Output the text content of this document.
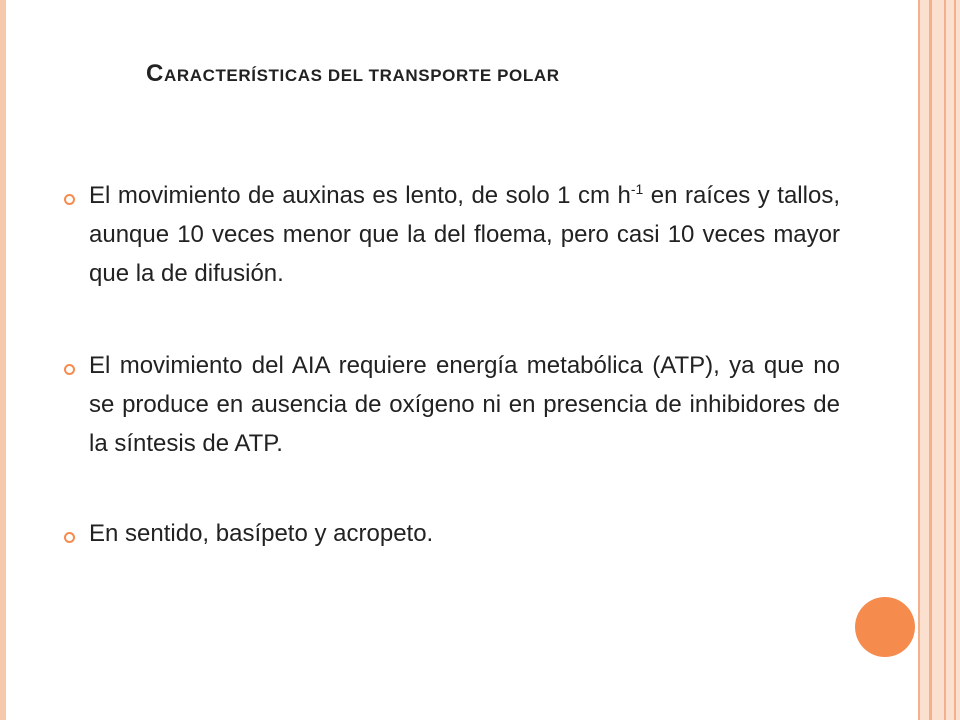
CARACTERÍSTICAS DEL TRANSPORTE POLAR
El movimiento de auxinas es lento, de solo 1 cm $h^{-1}$ en raíces y tallos, aunque 10 veces menor que la del floema, pero casi 10 veces mayor que la de difusión.
El movimiento del AIA requiere energía metabólica (ATP), ya que no se produce en ausencia de oxígeno ni en presencia de inhibidores de la síntesis de ATP.
En sentido, basípeto y acropeto.
